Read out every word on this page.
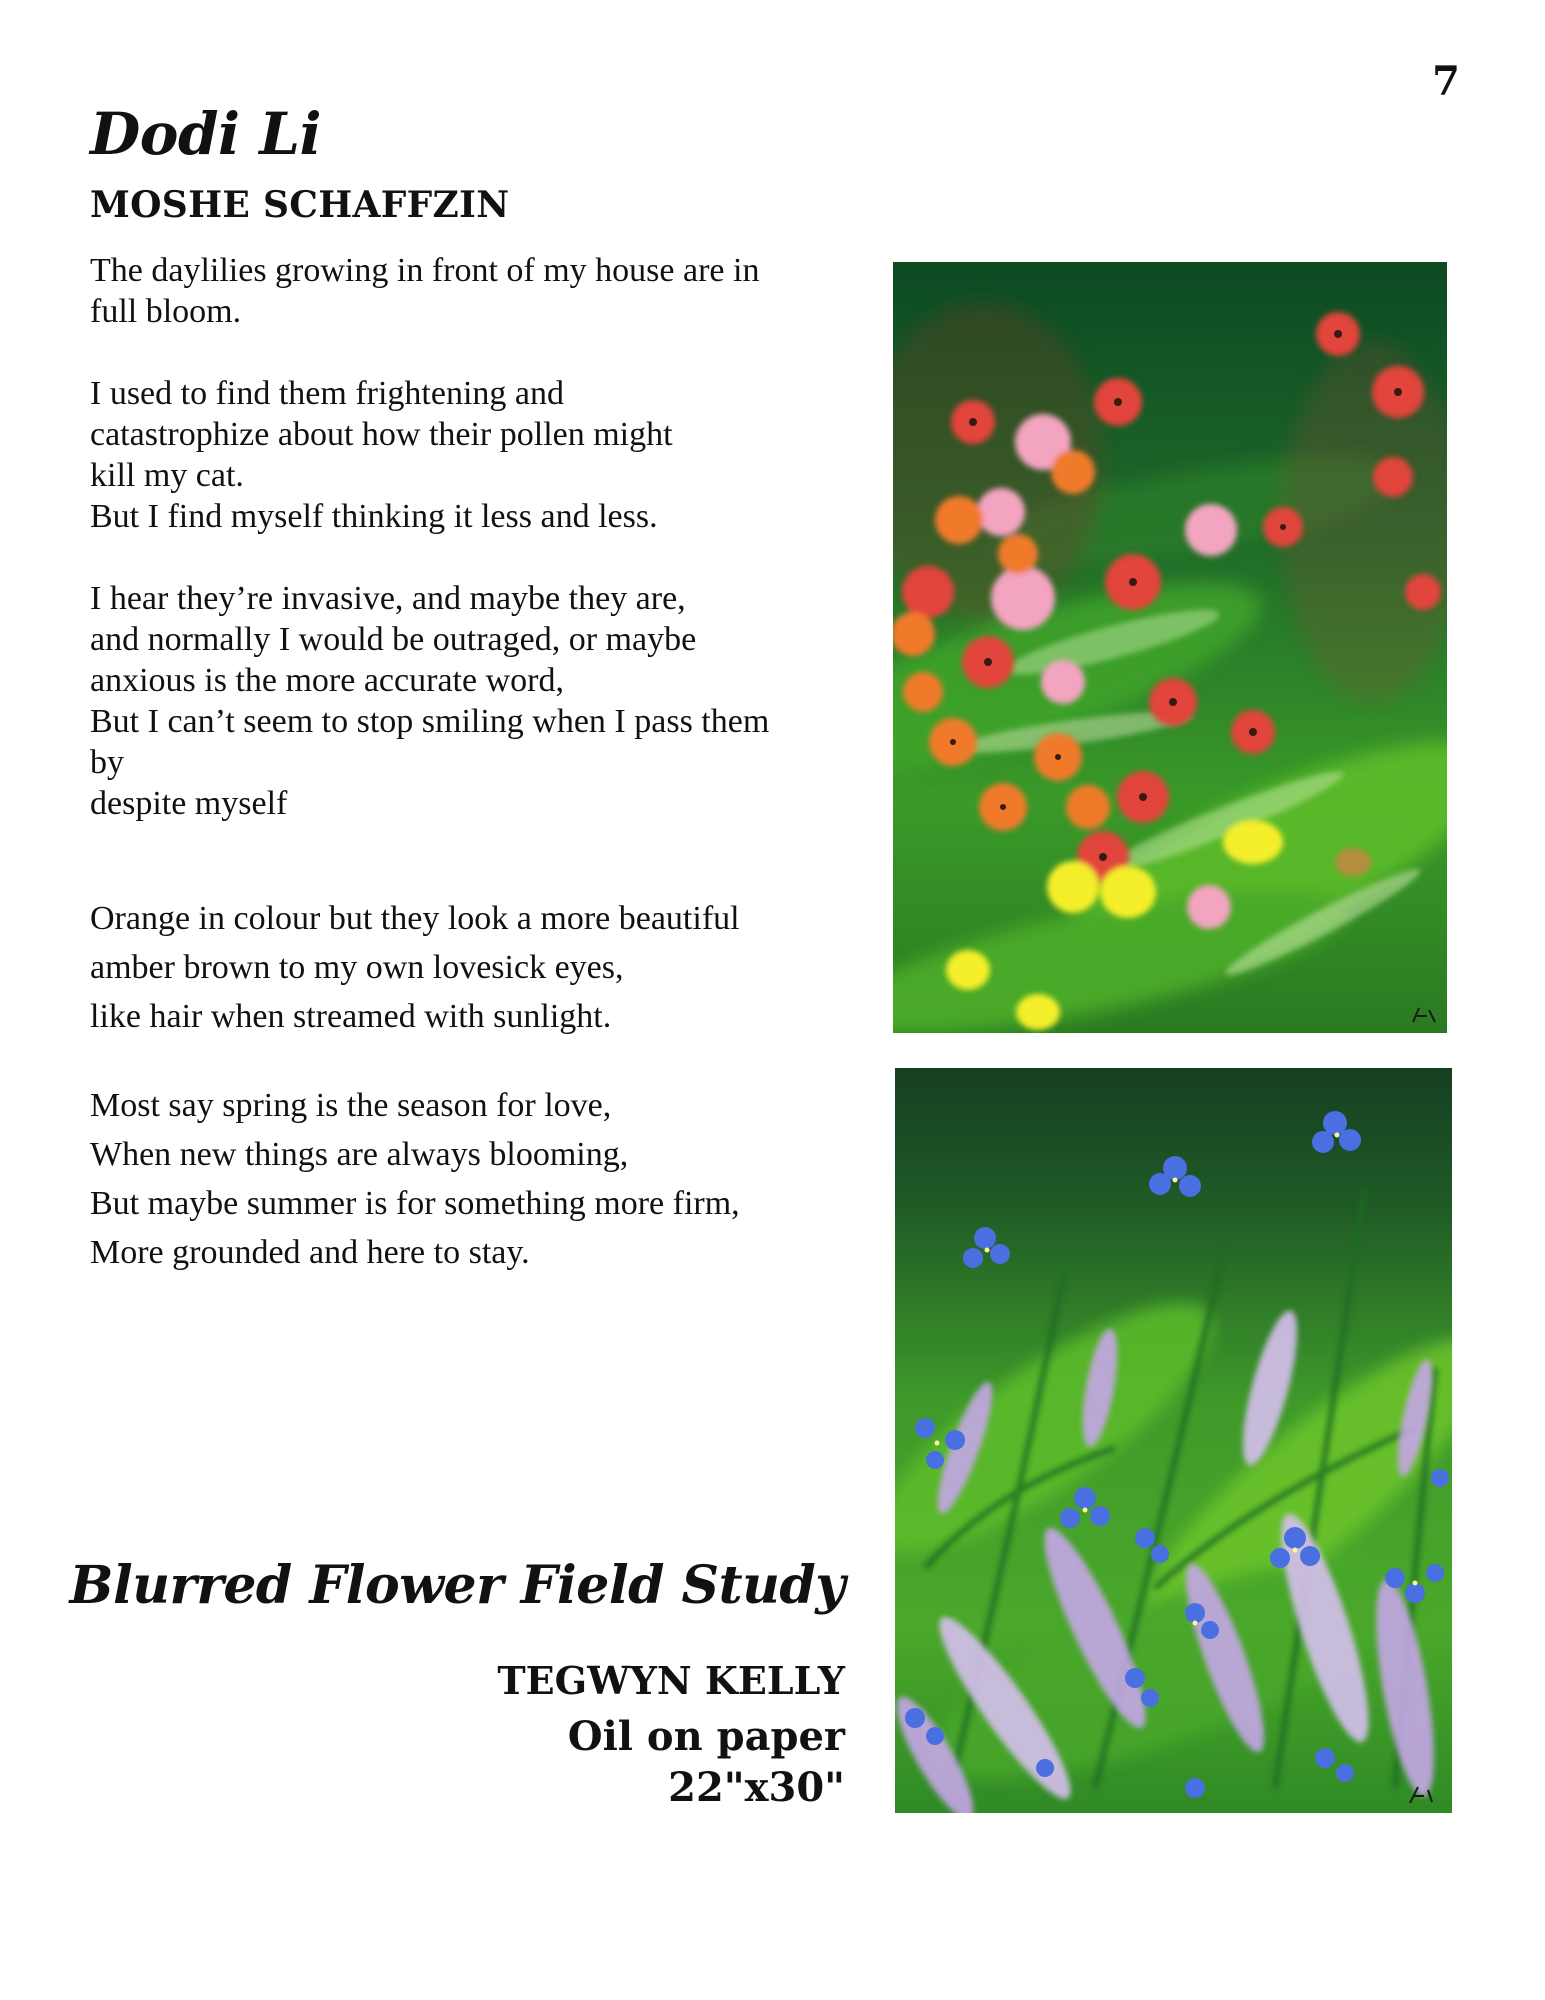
7
Dodi Li
MOSHE SCHAFFZIN

The daylilies growing in front of my house are in
full bloom.

I used to find them frightening and
catastrophize about how their pollen might
kill my cat.
But I find myself thinking it less and less.

I hear they’re invasive, and maybe they are,
and normally I would be outraged, or maybe
anxious is the more accurate word,
But I can’t seem to stop smiling when I pass them
by
despite myself

Orange in colour but they look a more beautiful
amber brown to my own lovesick eyes,
like hair when streamed with sunlight.

Most say spring is the season for love,
When new things are always blooming,
But maybe summer is for something more firm,
More grounded and here to stay.

Blurred Flower Field Study
TEGWYN KELLY
Oil on paper
22"x30"
